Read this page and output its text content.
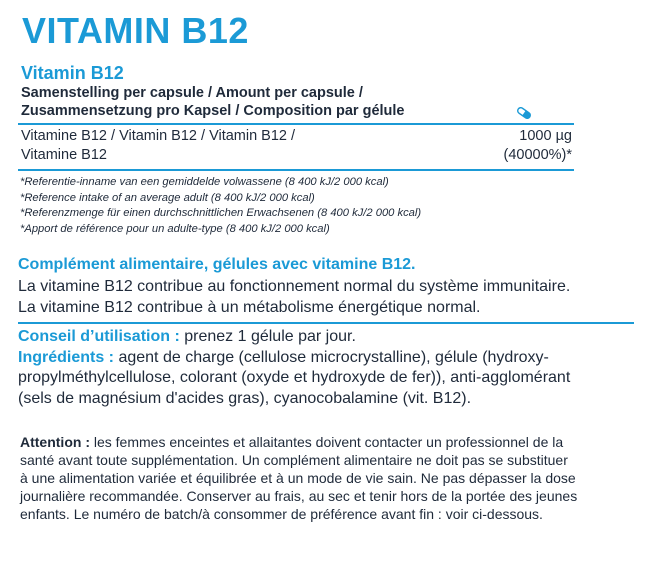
VITAMIN B12
Vitamin B12
Samenstelling per capsule / Amount per capsule /
Zusammensetzung pro Kapsel / Composition par gélule
Vitamine B12 / Vitamin B12 / Vitamin B12 /
Vitamine B12
1000 µg
(40000%)*
*Referentie-inname van een gemiddelde volwassene (8 400 kJ/2 000 kcal)
*Reference intake of an average adult (8 400 kJ/2 000 kcal)
*Referenzmenge für einen durchschnittlichen Erwachsenen (8 400 kJ/2 000 kcal)
*Apport de référence pour un adulte-type (8 400 kJ/2 000 kcal)
Complément alimentaire, gélules avec vitamine B12.
La vitamine B12 contribue au fonctionnement normal du système immunitaire.
La vitamine B12 contribue à un métabolisme énergétique normal.
Conseil d’utilisation : prenez 1 gélule par jour.
Ingrédients : agent de charge (cellulose microcrystalline), gélule (hydroxy-
propylméthylcellulose, colorant (oxyde et hydroxyde de fer)), anti-agglomérant
(sels de magnésium d'acides gras), cyanocobalamine (vit. B12).
Attention : les femmes enceintes et allaitantes doivent contacter un professionnel de la
santé avant toute supplémentation. Un complément alimentaire ne doit pas se substituer
à une alimentation variée et équilibrée et à un mode de vie sain. Ne pas dépasser la dose
journalière recommandée. Conserver au frais, au sec et tenir hors de la portée des jeunes
enfants. Le numéro de batch/à consommer de préférence avant fin : voir ci-dessous.
